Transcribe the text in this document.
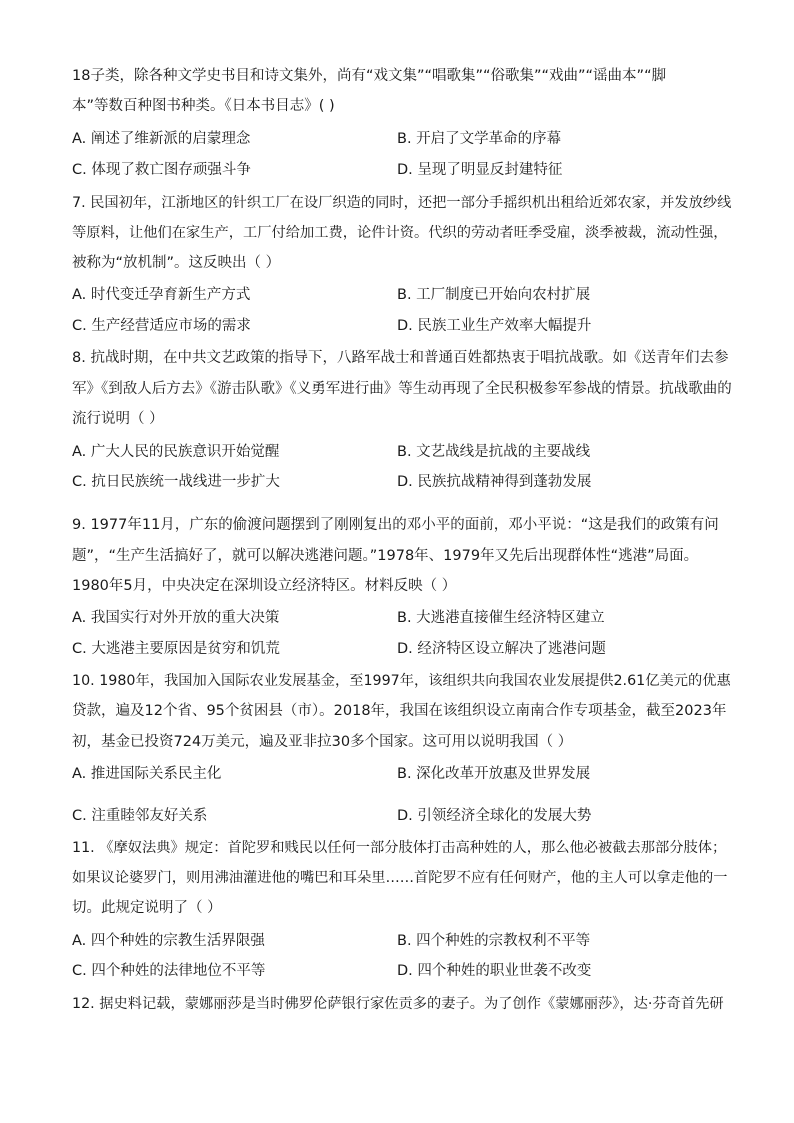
18子类，除各种文学史书目和诗文集外，尚有“戏文集”“唱歌集”“俗歌集”“戏曲”“谣曲本”“脚
本”等数百种图书种类。《日本书目志》( )
A. 阐述了维新派的启蒙理念	B. 开启了文学革命的序幕
C. 体现了救亡图存顽强斗争	D. 呈现了明显反封建特征
7. 民国初年，江浙地区的针织工厂在设厂织造的同时，还把一部分手摇织机出租给近郊农家，并发放纱线
等原料，让他们在家生产，工厂付给加工费，论件计资。代织的劳动者旺季受雇，淡季被裁，流动性强，
被称为“放机制”。这反映出（ ）
A. 时代变迁孕育新生产方式	B. 工厂制度已开始向农村扩展
C. 生产经营适应市场的需求	D. 民族工业生产效率大幅提升
8. 抗战时期，在中共文艺政策的指导下，八路军战士和普通百姓都热衷于唱抗战歌。如《送青年们去参
军》《到敌人后方去》《游击队歌》《义勇军进行曲》等生动再现了全民积极参军参战的情景。抗战歌曲的
流行说明（ ）
A. 广大人民的民族意识开始觉醒	B. 文艺战线是抗战的主要战线
C. 抗日民族统一战线进一步扩大	D. 民族抗战精神得到蓬勃发展
9. 1977年11月，广东的偷渡问题摆到了刚刚复出的邓小平的面前，邓小平说：“这是我们的政策有问
题”，“生产生活搞好了，就可以解决逃港问题。”1978年、1979年又先后出现群体性“逃港”局面。
1980年5月，中央决定在深圳设立经济特区。材料反映（ ）
A. 我国实行对外开放的重大决策	B. 大逃港直接催生经济特区建立
C. 大逃港主要原因是贫穷和饥荒	D. 经济特区设立解决了逃港问题
10. 1980年，我国加入国际农业发展基金，至1997年，该组织共向我国农业发展提供2.61亿美元的优惠
贷款，遍及12个省、95个贫困县（市）。2018年，我国在该组织设立南南合作专项基金，截至2023年
初，基金已投资724万美元，遍及亚非拉30多个国家。这可用以说明我国（ ）
A. 推进国际关系民主化	B. 深化改革开放惠及世界发展
C. 注重睦邻友好关系	D. 引领经济全球化的发展大势
11. 《摩奴法典》规定：首陀罗和贱民以任何一部分肢体打击高种姓的人，那么他必被截去那部分肢体；
如果议论婆罗门，则用沸油灌进他的嘴巴和耳朵里……首陀罗不应有任何财产，他的主人可以拿走他的一
切。此规定说明了（ ）
A. 四个种姓的宗教生活界限强	B. 四个种姓的宗教权利不平等
C. 四个种姓的法律地位不平等	D. 四个种姓的职业世袭不改变
12. 据史料记载，蒙娜丽莎是当时佛罗伦萨银行家佐贡多的妻子。为了创作《蒙娜丽莎》，达·芬奇首先研
